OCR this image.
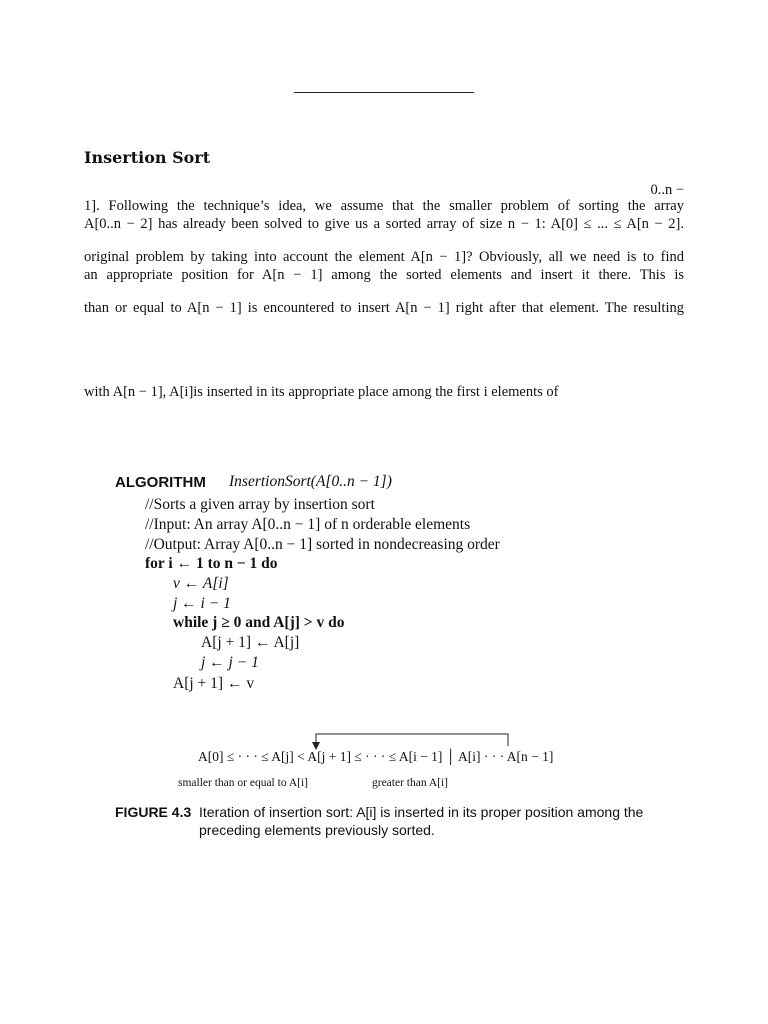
Insertion Sort
0..n −
1]. Following the technique’s idea, we assume that the smaller problem of sorting the array
A[0..n − 2] has already been solved to give us a sorted array of size n − 1: A[0] ≤ ... ≤ A[n − 2].
original problem by taking into account the element A[n − 1]? Obviously, all we need is to find
an appropriate position for A[n − 1] among the sorted elements and insert it there. This is
than or equal to A[n − 1] is encountered to insert A[n − 1] right after that element. The resulting
with A[n − 1], A[i]is inserted in its appropriate place among the first i elements of
ALGORITHM InsertionSort(A[0..n − 1])
//Sorts a given array by insertion sort
//Input: An array A[0..n − 1] of n orderable elements
//Output: Array A[0..n − 1] sorted in nondecreasing order
for i ← 1 to n − 1 do
v ← A[i]
j ← i − 1
while j ≥ 0 and A[j] > v do
A[j + 1] ← A[j]
j ← j − 1
A[j + 1] ← v
A[0] ≤ · · · ≤ A[j] < A[j + 1] ≤ · · · ≤ A[i − 1] │ A[i] · · · A[n − 1]
smaller than or equal to A[i]	greater than A[i]
FIGURE 4.3 Iteration of insertion sort: A[i] is inserted in its proper position among the
preceding elements previously sorted.
